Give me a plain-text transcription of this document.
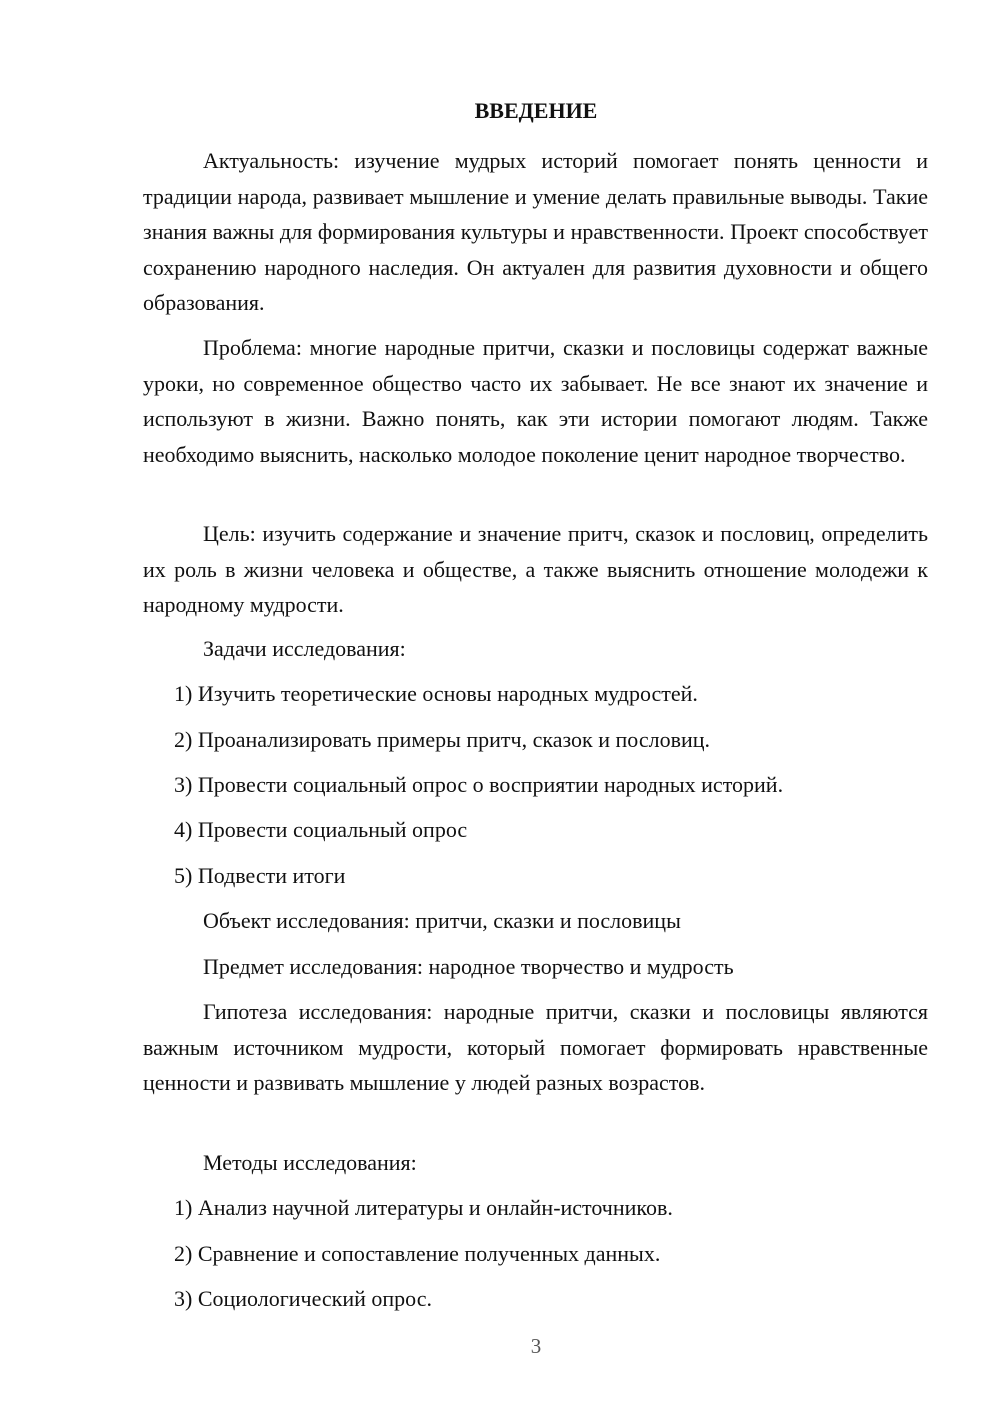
ВВЕДЕНИЕ
Актуальность: изучение мудрых историй помогает понять ценности и традиции народа, развивает мышление и умение делать правильные выводы. Такие знания важны для формирования культуры и нравственности. Проект способствует сохранению народного наследия. Он актуален для развития духовности и общего образования.
Проблема: многие народные притчи, сказки и пословицы содержат важные уроки, но современное общество часто их забывает. Не все знают их значение и используют в жизни. Важно понять, как эти истории помогают людям. Также необходимо выяснить, насколько молодое поколение ценит народное творчество.
Цель: изучить содержание и значение притч, сказок и пословиц, определить их роль в жизни человека и обществе, а также выяснить отношение молодежи к народному мудрости.
Задачи исследования:
1) Изучить теоретические основы народных мудростей.
2) Проанализировать примеры притч, сказок и пословиц.
3) Провести социальный опрос о восприятии народных историй.
4) Провести социальный опрос
5) Подвести итоги
Объект исследования: притчи, сказки и пословицы
Предмет исследования: народное творчество и мудрость
Гипотеза исследования: народные притчи, сказки и пословицы являются важным источником мудрости, который помогает формировать нравственные ценности и развивать мышление у людей разных возрастов.
Методы исследования:
1) Анализ научной литературы и онлайн-источников.
2) Сравнение и сопоставление полученных данных.
3) Социологический опрос.
3
